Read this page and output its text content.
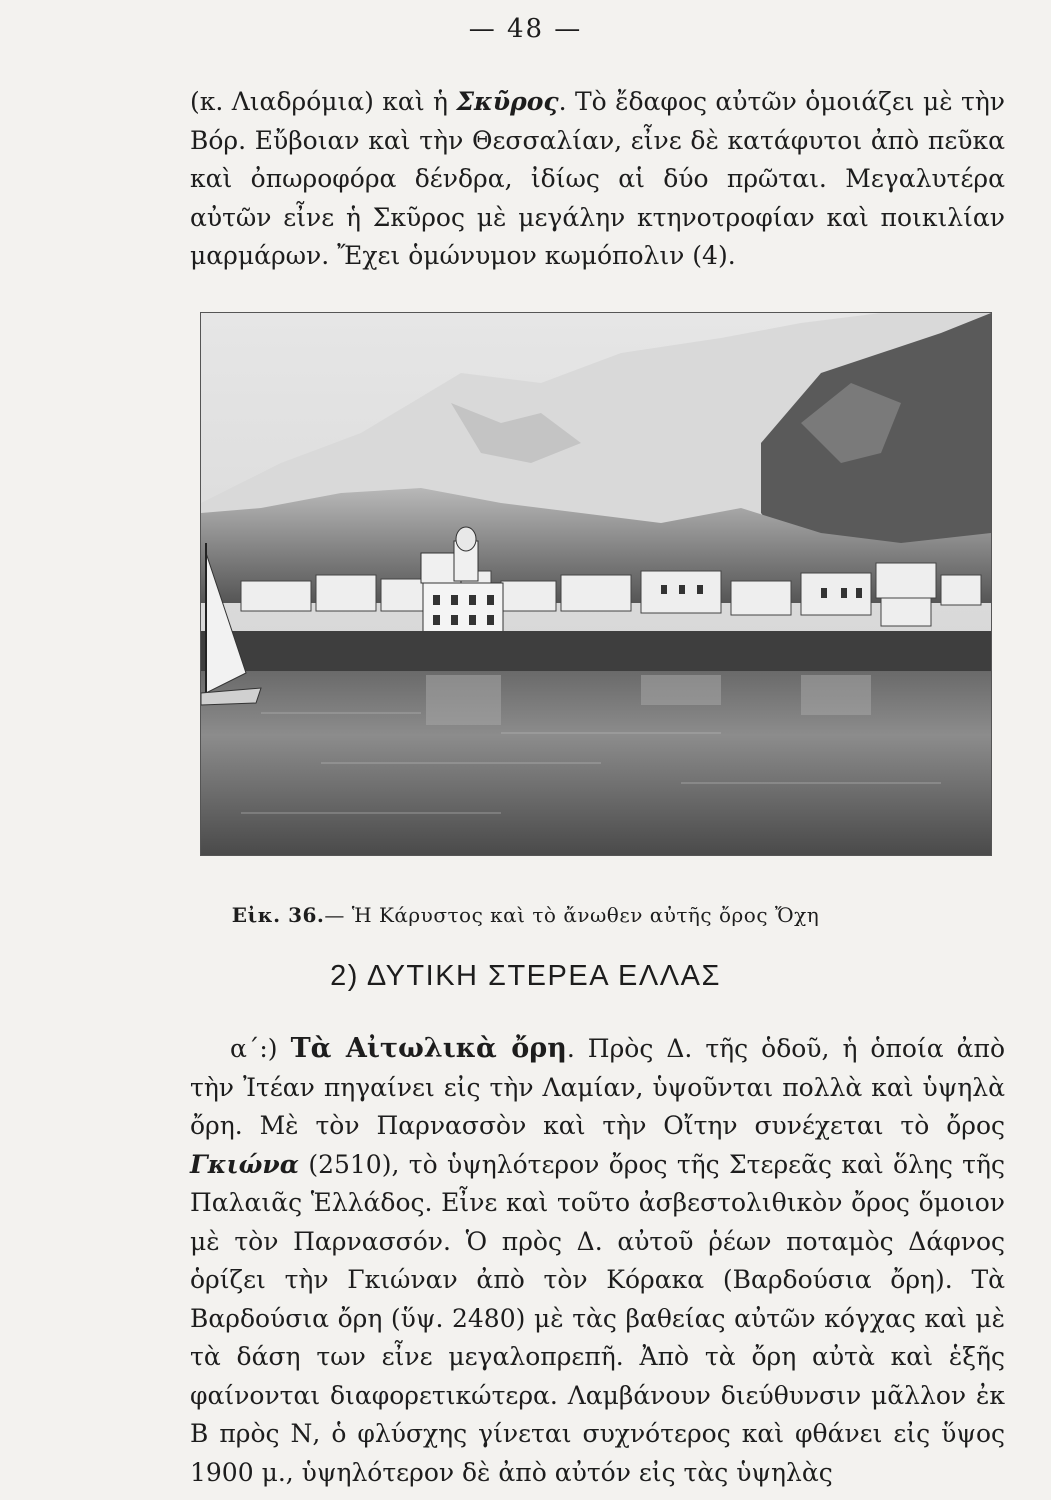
— 48 —

(κ. Λιαδρόμια) καὶ ἡ Σκῦρος. Τὸ ἔδαφος αὐτῶν ὁμοιάζει μὲ τὴν Βόρ. Εὔβοιαν καὶ τὴν Θεσσαλίαν, εἶνε δὲ κατάφυτοι ἀπὸ πεῦκα καὶ ὀπωροφόρα δένδρα, ἰδίως αἱ δύο πρῶται. Μεγαλυτέρα αὐτῶν εἶνε ἡ Σκῦρος μὲ μεγάλην κτηνοτροφίαν καὶ ποικιλίαν μαρμάρων. Ἔχει ὁμώνυμον κωμόπολιν (4).

Εἰκ. 36.— Ἡ Κάρυστος καὶ τὸ ἄνωθεν αὐτῆς ὄρος Ὄχη
2) ΔΥΤΙΚΗ ΣΤΕΡΕΑ ΕΛΛΑΣ

α΄:) Τὰ Αἰτωλικὰ ὄρη. Πρὸς Δ. τῆς ὁδοῦ, ἡ ὁποία ἀπὸ τὴν Ἰτέαν πηγαίνει εἰς τὴν Λαμίαν, ὑψοῦνται πολλὰ καὶ ὑψηλὰ ὄρη. Μὲ τὸν Παρνασσὸν καὶ τὴν Οἴτην συνέχεται τὸ ὄρος Γκιώνα (2510), τὸ ὑψηλότερον ὄρος τῆς Στερεᾶς καὶ ὅλης τῆς Παλαιᾶς Ἑλλάδος. Εἶνε καὶ τοῦτο ἀσβεστολιθικὸν ὄρος ὅμοιον μὲ τὸν Παρνασσόν. Ὁ πρὸς Δ. αὐτοῦ ῥέων ποταμὸς Δάφνος ὁρίζει τὴν Γκιώναν ἀπὸ τὸν Κόρακα (Βαρδούσια ὄρη). Τὰ Βαρδούσια ὄρη (ὕψ. 2480) μὲ τὰς βαθείας αὐτῶν κόγχας καὶ μὲ τὰ δάση των εἶνε μεγαλοπρεπῆ. Ἀπὸ τὰ ὄρη αὐτὰ καὶ ἑξῆς φαίνονται διαφορετικώτερα. Λαμβάνουν διεύθυνσιν μᾶλλον ἐκ Β πρὸς Ν, ὁ φλύσχης γίνεται συχνότερος καὶ φθάνει εἰς ὕψος 1900 μ., ὑψηλότερον δὲ ἀπὸ αὐτόν εἰς τὰς ὑψηλὰς
